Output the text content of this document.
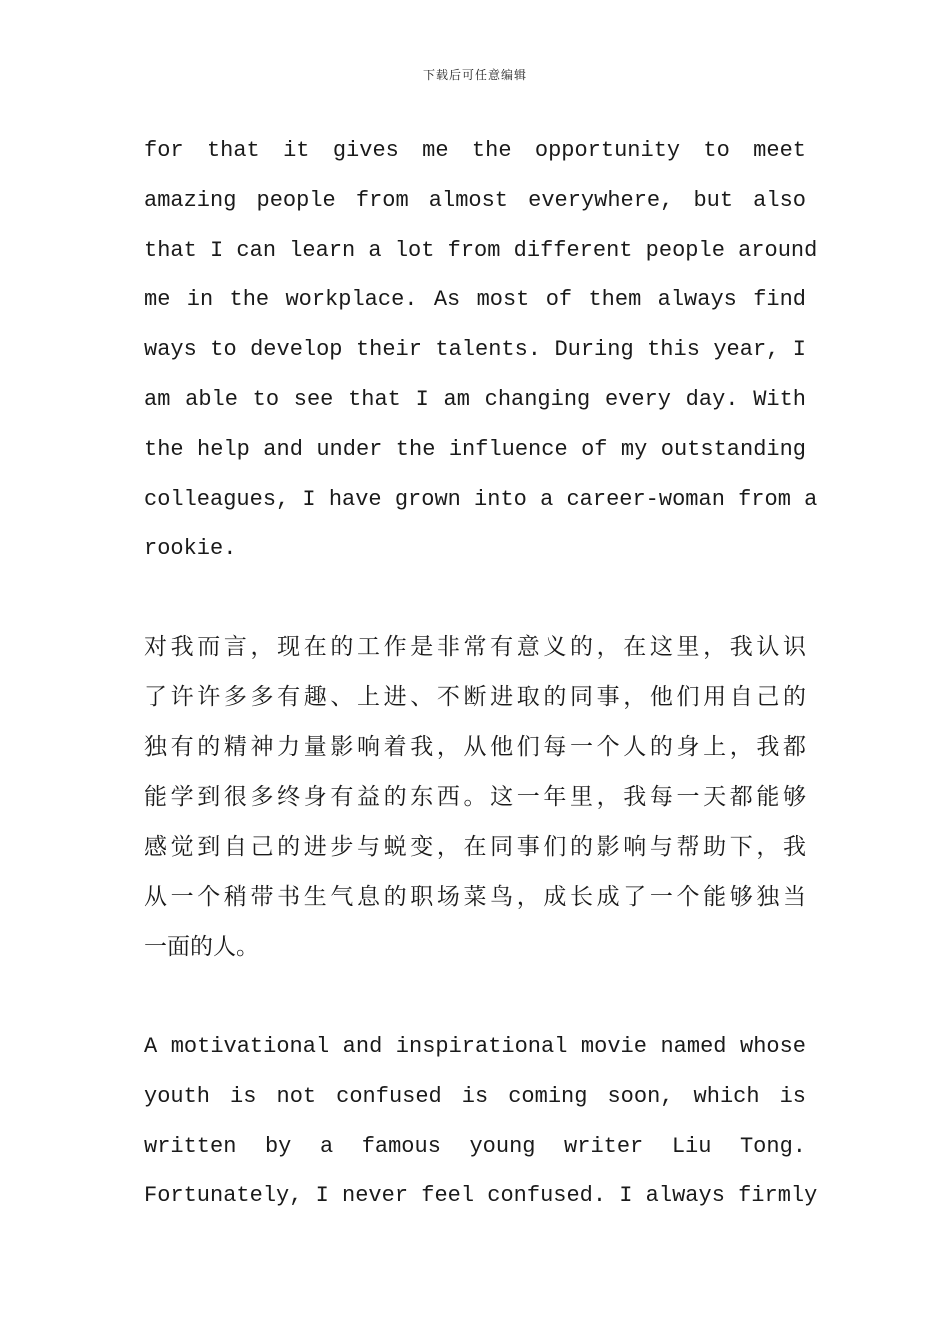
下载后可任意编辑
for that it gives me the opportunity to meet
amazing people from almost everywhere, but also
that I can learn a lot from different people around
me in the workplace. As most of them always find
ways to develop their talents. During this year, I
am able to see that I am changing every day. With
the help and under the influence of my outstanding
colleagues, I have grown into a career-woman from a
rookie.
对我而言，现在的工作是非常有意义的，在这里，我认识
了许许多多有趣、上进、不断进取的同事，他们用自己的
独有的精神力量影响着我，从他们每一个人的身上，我都
能学到很多终身有益的东西。这一年里，我每一天都能够
感觉到自己的进步与蜕变，在同事们的影响与帮助下，我
从一个稍带书生气息的职场菜鸟，成长成了一个能够独当
一面的人。
A motivational and inspirational movie named whose
youth is not confused is coming soon, which is
written by a famous young writer Liu Tong.
Fortunately, I never feel confused. I always firmly
